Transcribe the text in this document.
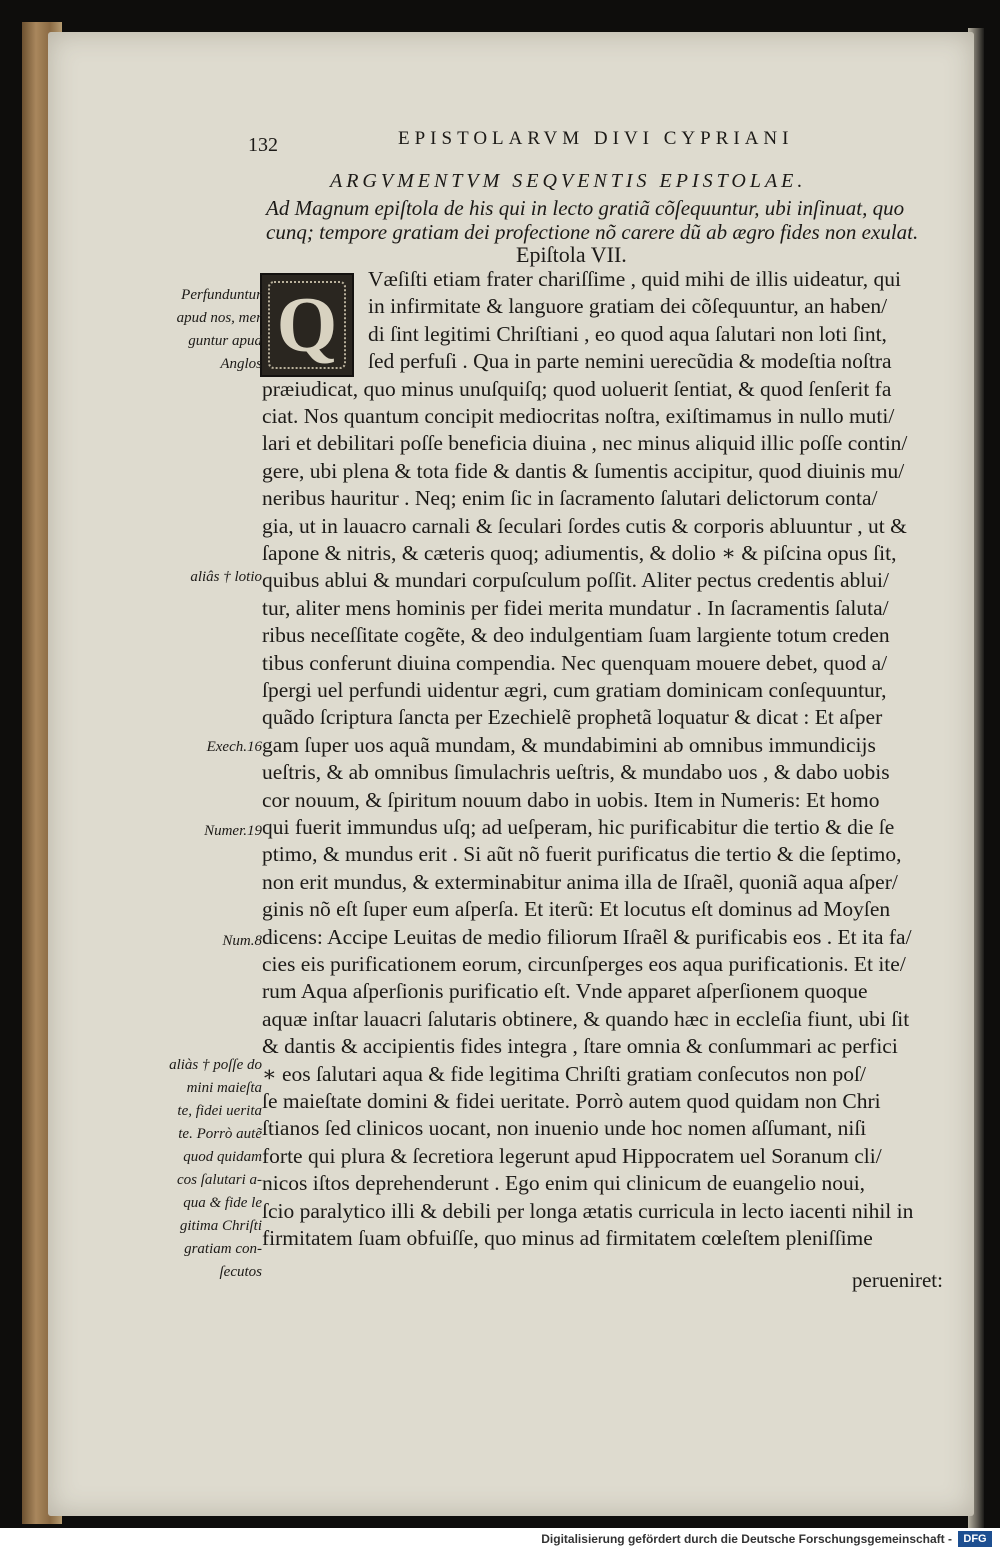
132	EPISTOLARVM DIVI CYPRIANI
ARGVMENTVM SEQVENTIS EPISTOLAE.
Ad Magnum epiſtola de his qui in lecto gratiã cõſequuntur, ubi inſinuat, quo
cunq; tempore gratiam dei profectione nõ carere dũ ab ægro fides non exulat.
Epiſtola VII.
Q
Væſiſti etiam frater chariſſime , quid mihi de illis uideatur, qui
in infirmitate & languore gratiam dei cõſequuntur, an haben/
di ſint legitimi Chriſtiani , eo quod aqua ſalutari non loti ſint,
ſed perfuſi . Qua in parte nemini uerecũdia & modeſtia noſtra
præiudicat, quo minus unuſquiſq; quod uoluerit ſentiat, & quod ſenſerit fa
ciat. Nos quantum concipit mediocritas noſtra, exiſtimamus in nullo muti/
lari et debilitari poſſe beneficia diuina , nec minus aliquid illic poſſe contin/
gere, ubi plena & tota fide & dantis & ſumentis accipitur, quod diuinis mu/
neribus hauritur . Neq; enim ſic in ſacramento ſalutari delictorum conta/
gia, ut in lauacro carnali & ſeculari ſordes cutis & corporis abluuntur , ut &
ſapone & nitris, & cæteris quoq; adiumentis, & dolio ∗ & piſcina opus ſit,
quibus ablui & mundari corpuſculum poſſit. Aliter pectus credentis ablui/
tur, aliter mens hominis per fidei merita mundatur . In ſacramentis ſaluta/
ribus neceſſitate cogẽte, & deo indulgentiam ſuam largiente totum creden
tibus conferunt diuina compendia. Nec quenquam mouere debet, quod a/
ſpergi uel perfundi uidentur ægri, cum gratiam dominicam conſequuntur,
quãdo ſcriptura ſancta per Ezechielẽ prophetã loquatur & dicat : Et aſper
gam ſuper uos aquã mundam, & mundabimini ab omnibus immundicijs
ueſtris, & ab omnibus ſimulachris ueſtris, & mundabo uos , & dabo uobis
cor nouum, & ſpiritum nouum dabo in uobis. Item in Numeris: Et homo
qui fuerit immundus uſq; ad ueſperam, hic purificabitur die tertio & die ſe
ptimo, & mundus erit . Si aũt nõ fuerit purificatus die tertio & die ſeptimo,
non erit mundus, & exterminabitur anima illa de Iſraẽl, quoniã aqua aſper/
ginis nõ eſt ſuper eum aſperſa. Et iterũ: Et locutus eſt dominus ad Moyſen
dicens: Accipe Leuitas de medio filiorum Iſraẽl & purificabis eos . Et ita fa/
cies eis purificationem eorum, circunſperges eos aqua purificationis. Et ite/
rum Aqua aſperſionis purificatio eſt. Vnde apparet aſperſionem quoque
aquæ inſtar lauacri ſalutaris obtinere, & quando hæc in eccleſia fiunt, ubi ſit
& dantis & accipientis fides integra , ſtare omnia & conſummari ac perfici
∗ eos ſalutari aqua & fide legitima Chriſti gratiam conſecutos non poſ/
ſe maieſtate domini & fidei ueritate. Porrò autem quod quidam non Chri
ſtianos ſed clinicos uocant, non inuenio unde hoc nomen aſſumant, niſi
forte qui plura & ſecretiora legerunt apud Hippocratem uel Soranum cli/
nicos iſtos deprehenderunt . Ego enim qui clinicum de euangelio noui,
ſcio paralytico illi & debili per longa ætatis curricula in lecto iacenti nihil in
firmitatem ſuam obfuiſſe, quo minus ad firmitatem cœleſtem pleniſſime
Perfunduntur
apud nos, mer
guntur apud
Anglos
aliâs † lotio
Exech.16
Numer.19
Num.8
aliàs † poſſe do
mini maieſta
te, fidei uerita
te. Porrò autẽ
quod quidam
cos ſalutari a-
qua & fide le
gitima Chriſti
gratiam con-
ſecutos	perueniret:
Digitalisierung gefördert durch die Deutsche Forschungsgemeinschaft -	DFG
